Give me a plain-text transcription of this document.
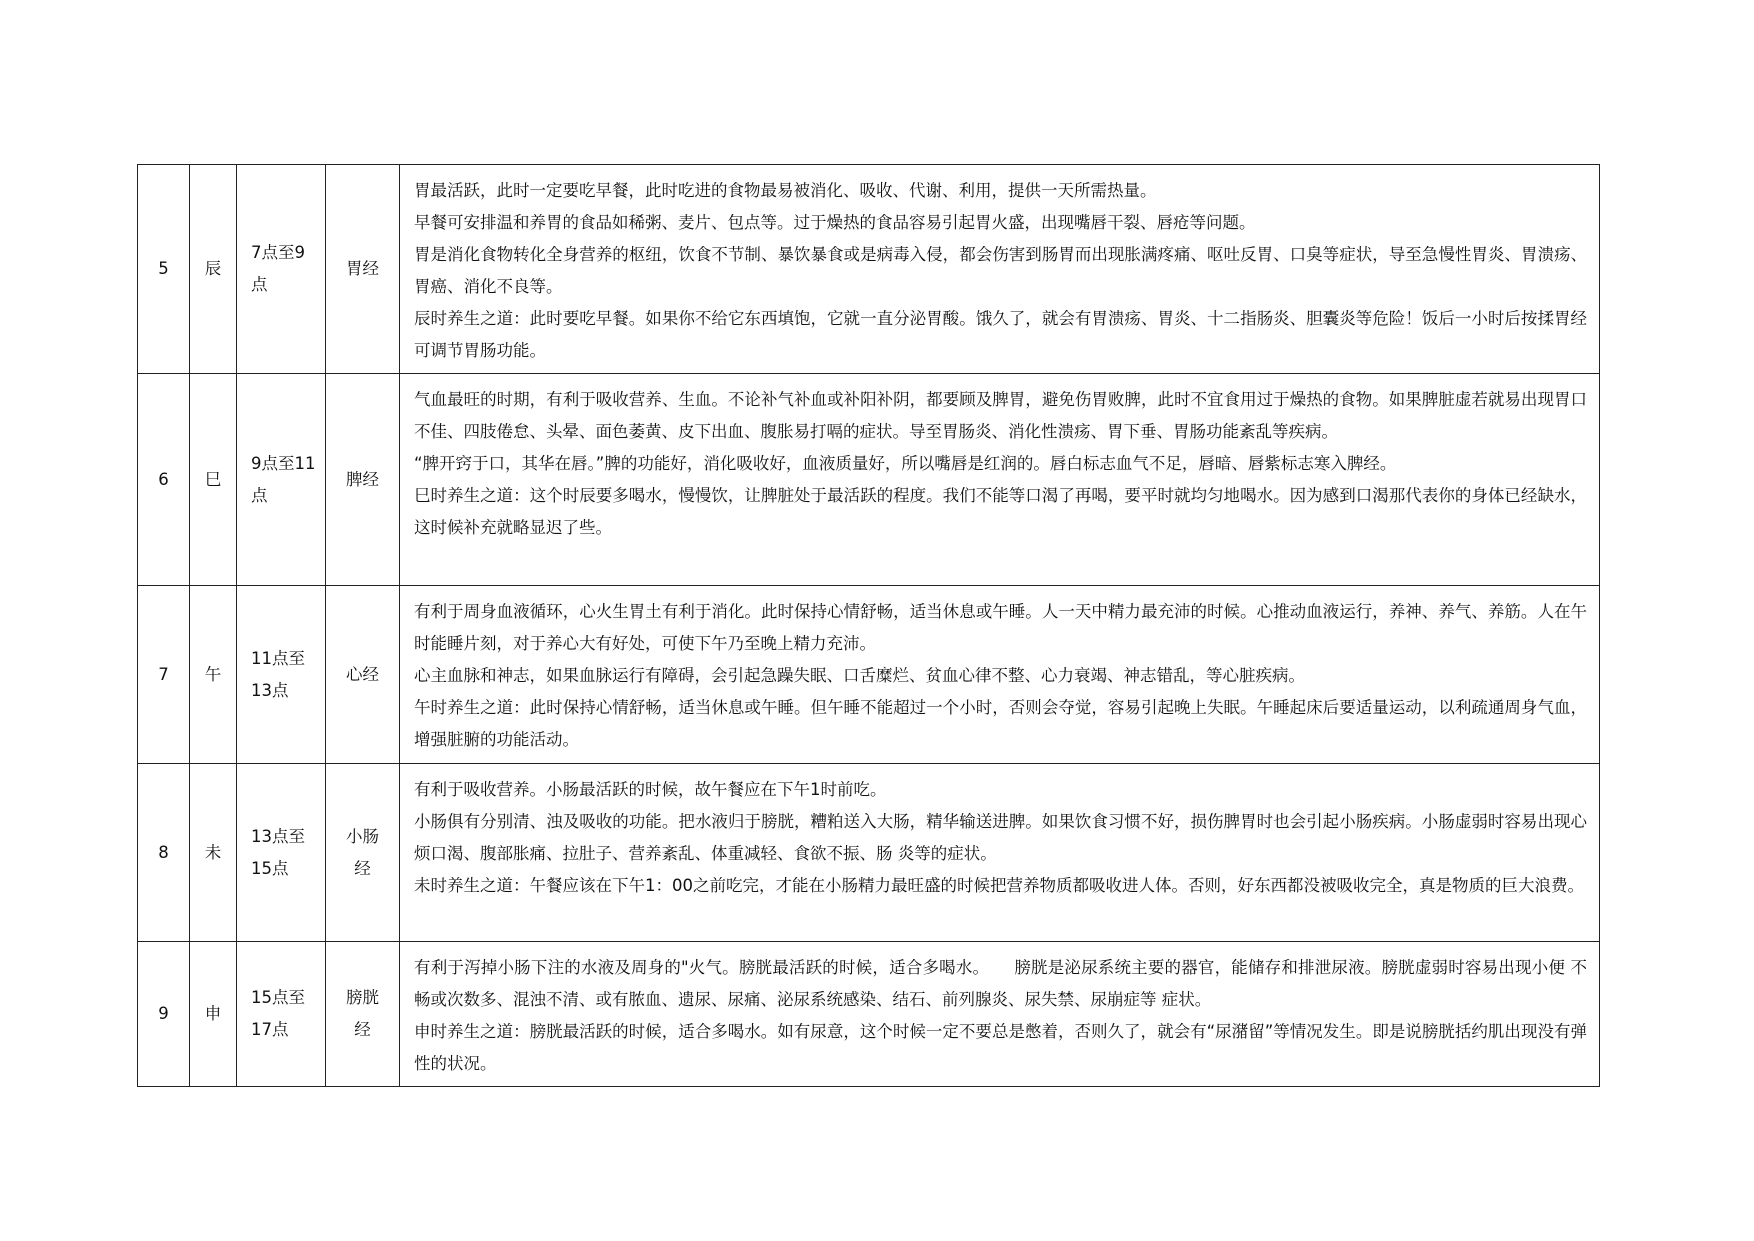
5	辰	7点至9点	胃经	胃最活跃，此时一定要吃早餐，此时吃进的食物最易被消化、吸收、代谢、利用，提供一天所需热量。

早餐可安排温和养胃的食品如稀粥、麦片、包点等。过于燥热的食品容易引起胃火盛，出现嘴唇干裂、唇疮等问题。

胃是消化食物转化全身营养的枢纽，饮食不节制、暴饮暴食或是病毒入侵，都会伤害到肠胃而出现胀满疼痛、呕吐反胃、口臭等症状，导至急慢性胃炎、胃溃疡、胃癌、消化不良等。

辰时养生之道：此时要吃早餐。如果你不给它东西填饱，它就一直分泌胃酸。饿久了，就会有胃溃疡、胃炎、十二指肠炎、胆囊炎等危险！饭后一小时后按揉胃经可调节胃肠功能。

6	巳	9点至11点	脾经	气血最旺的时期，有利于吸收营养、生血。不论补气补血或补阳补阴，都要顾及脾胃，避免伤胃败脾，此时不宜食用过于燥热的食物。如果脾脏虚若就易出现胃口不佳、四肢倦怠、头晕、面色萎黄、皮下出血、腹胀易打嗝的症状。导至胃肠炎、消化性溃疡、胃下垂、胃肠功能紊乱等疾病。

“脾开窍于口，其华在唇。”脾的功能好，消化吸收好，血液质量好，所以嘴唇是红润的。唇白标志血气不足，唇暗、唇紫标志寒入脾经。

巳时养生之道：这个时辰要多喝水，慢慢饮，让脾脏处于最活跃的程度。我们不能等口渴了再喝，要平时就均匀地喝水。因为感到口渴那代表你的身体已经缺水，这时候补充就略显迟了些。

7	午	11点至13点	心经	有利于周身血液循环，心火生胃土有利于消化。此时保持心情舒畅，适当休息或午睡。人一天中精力最充沛的时候。心推动血液运行，养神、养气、养筋。人在午时能睡片刻，对于养心大有好处，可使下午乃至晚上精力充沛。

心主血脉和神志，如果血脉运行有障碍，会引起急躁失眠、口舌糜烂、贫血心律不整、心力衰竭、神志错乱，等心脏疾病。

午时养生之道：此时保持心情舒畅，适当休息或午睡。但午睡不能超过一个小时，否则会夺觉，容易引起晚上失眠。午睡起床后要适量运动，以利疏通周身气血，增强脏腑的功能活动。

8	未	13点至15点	小肠经	有利于吸收营养。小肠最活跃的时候，故午餐应在下午1时前吃。

小肠俱有分别清、浊及吸收的功能。把水液归于膀胱，糟粕送入大肠，精华输送进脾。如果饮食习惯不好，损伤脾胃时也会引起小肠疾病。小肠虚弱时容易出现心烦口渴、腹部胀痛、拉肚子、营养紊乱、体重减轻、食欲不振、肠 炎等的症状。

未时养生之道：午餐应该在下午1：00之前吃完，才能在小肠精力最旺盛的时候把营养物质都吸收进人体。否则，好东西都没被吸收完全，真是物质的巨大浪费。

9	申	15点至17点	膀胱经	有利于泻掉小肠下注的水液及周身的"火气。膀胱最活跃的时候，适合多喝水。　　膀胱是泌尿系统主要的器官，能储存和排泄尿液。膀胱虚弱时容易出现小便 不畅或次数多、混浊不清、或有脓血、遗尿、尿痛、泌尿系统感染、结石、前列腺炎、尿失禁、尿崩症等 症状。

申时养生之道：膀胱最活跃的时候，适合多喝水。如有尿意，这个时候一定不要总是憋着，否则久了，就会有“尿潴留”等情况发生。即是说膀胱括约肌出现没有弹性的状况。
